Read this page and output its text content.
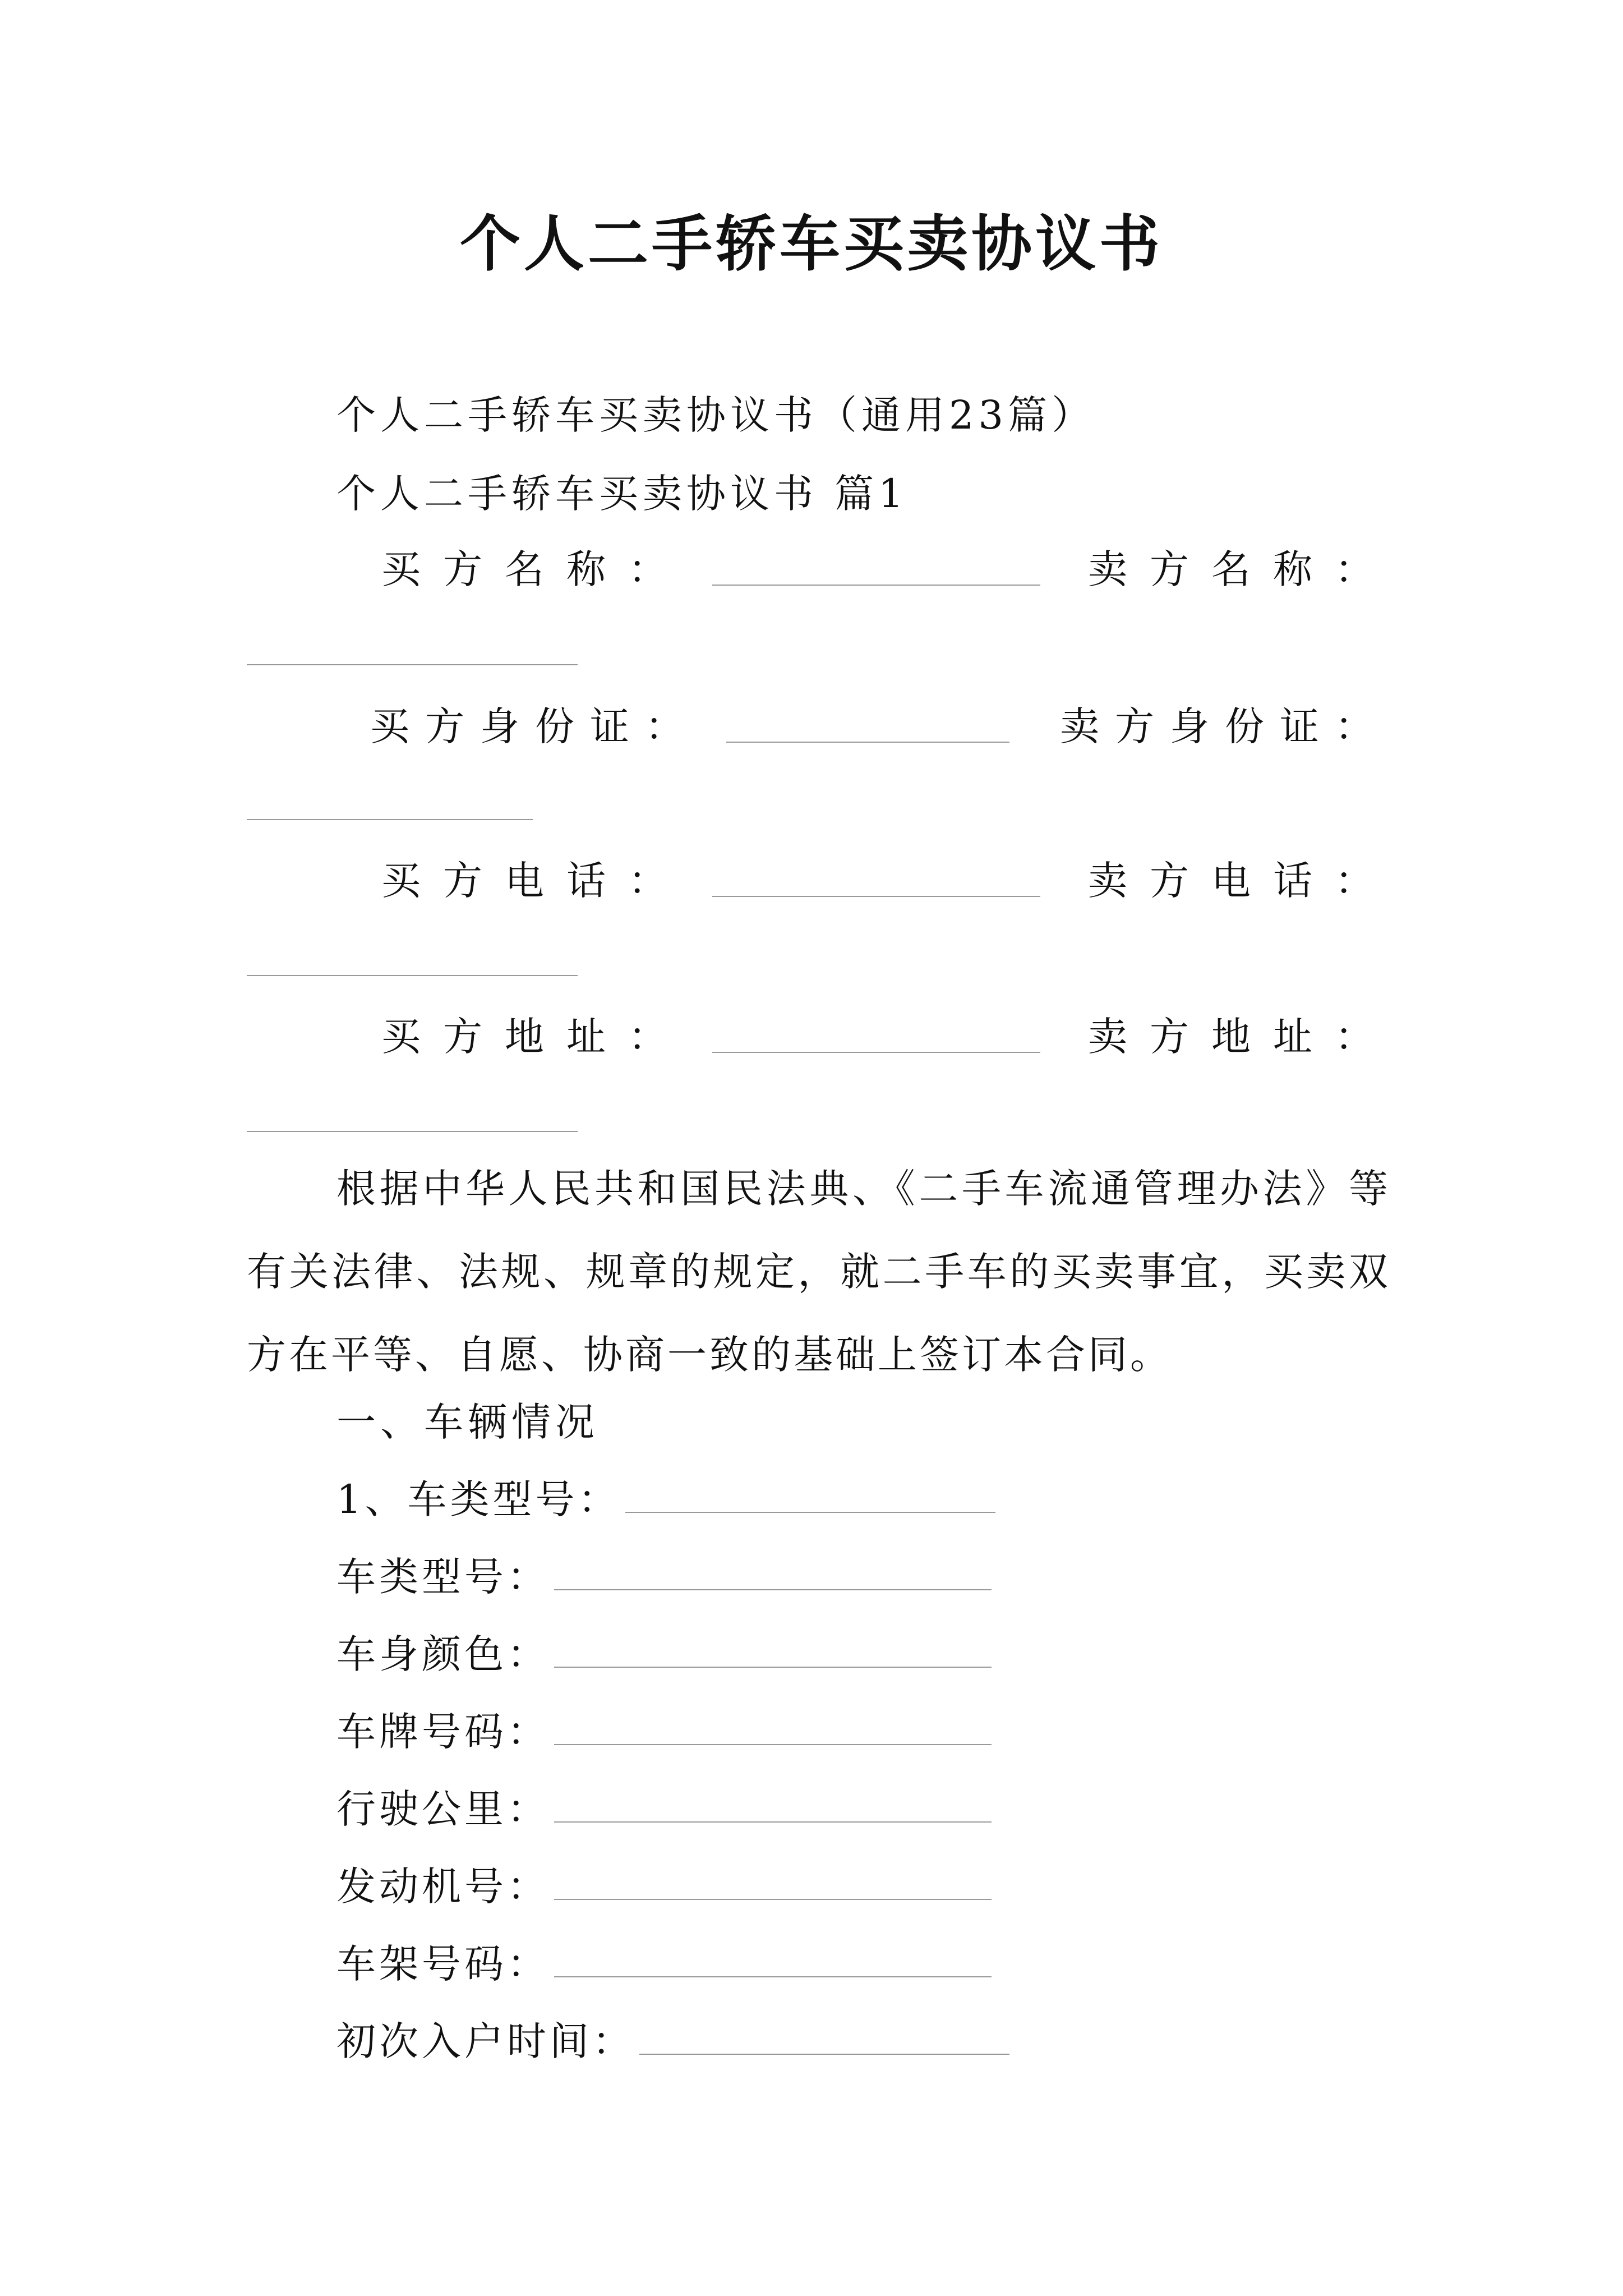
个人二手轿车买卖协议书
个人二手轿车买卖协议书（通用23篇）
个人二手轿车买卖协议书 篇1
买方名称：	卖方名称：
买方身份证：	卖方身份证：
买方电话：	卖方电话：
买方地址：	卖方地址：
根据中华人民共和国民法典、《二手车流通管理办法》等有关法律、法规、规章的规定，就二手车的买卖事宜，买卖双方在平等、自愿、协商一致的基础上签订本合同。
一、车辆情况
1、车类型号：
车类型号：
车身颜色：
车牌号码：
行驶公里：
发动机号：
车架号码：
初次入户时间：
